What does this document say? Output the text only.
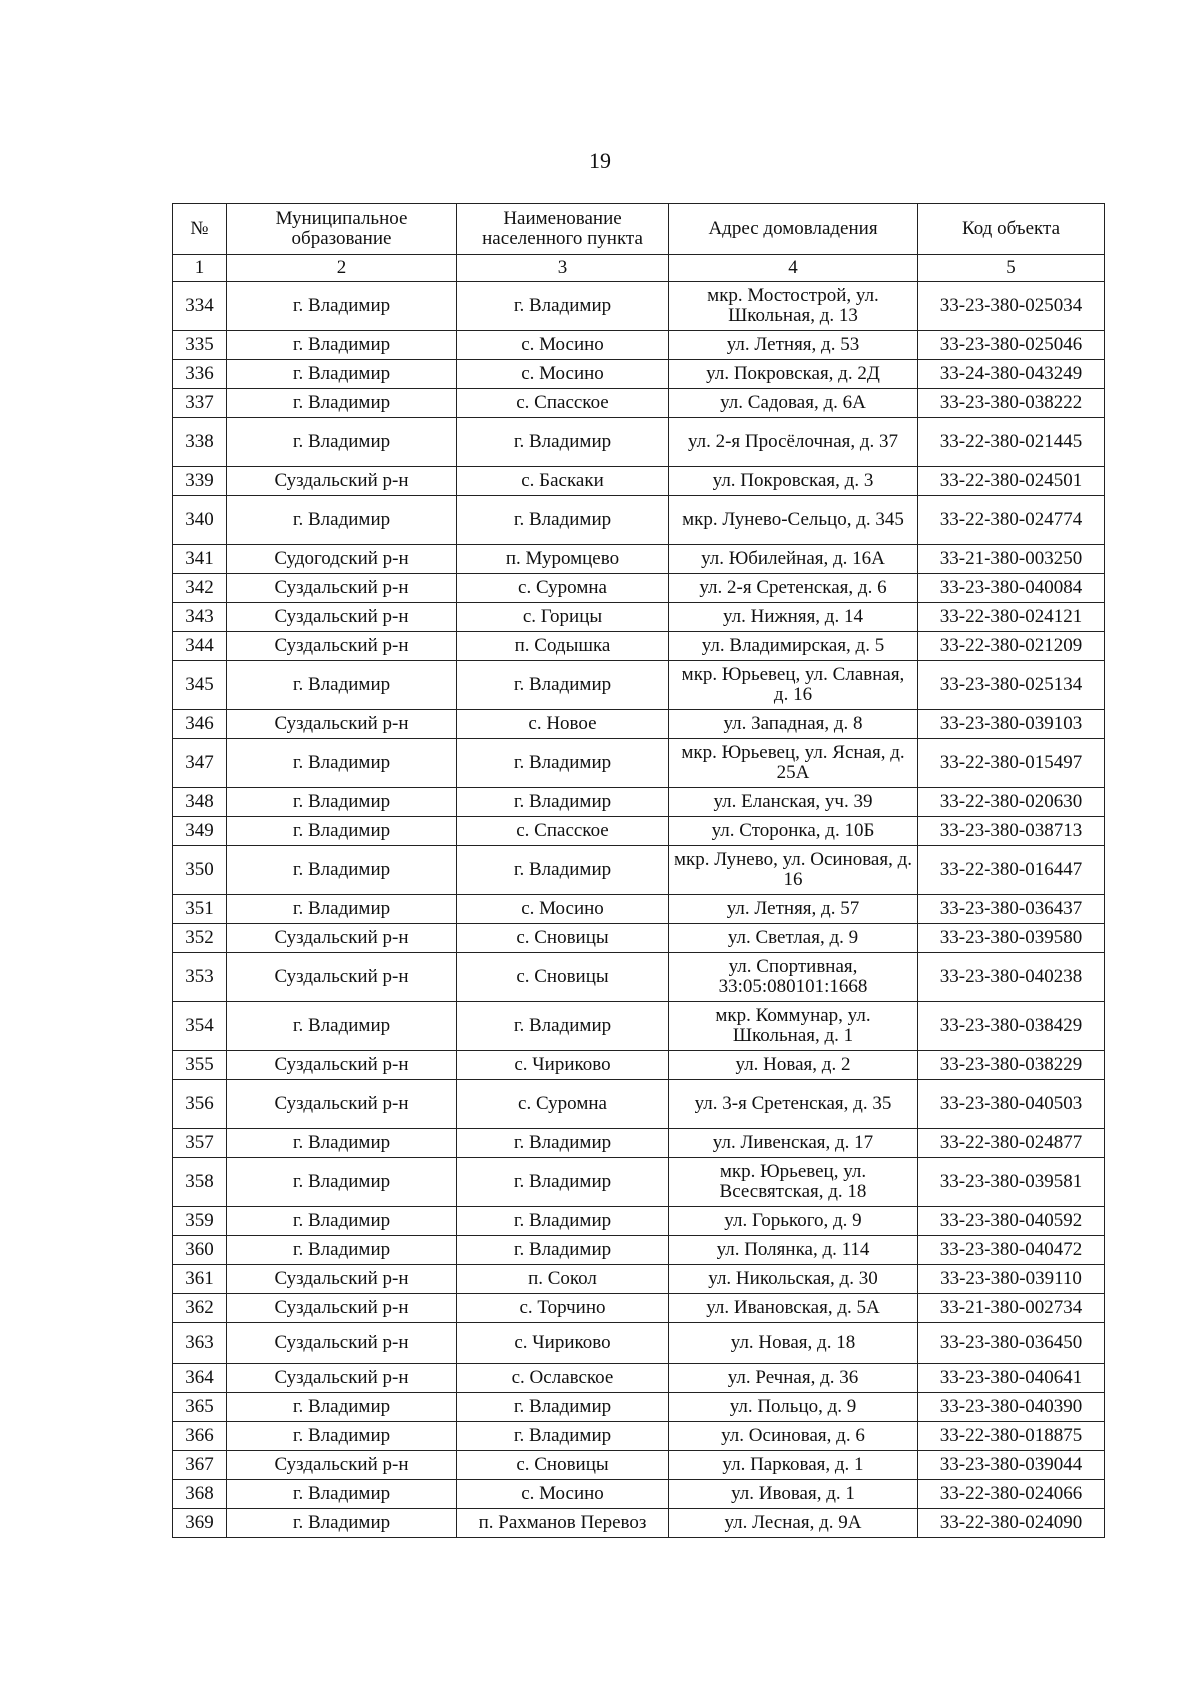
19
№	Муниципальное образование	Наименование населенного пункта	Адрес домовладения	Код объекта
1	2	3	4	5
334	г. Владимир	г. Владимир	мкр. Мостострой, ул. Школьная, д. 13	33-23-380-025034
335	г. Владимир	с. Мосино	ул. Летняя, д. 53	33-23-380-025046
336	г. Владимир	с. Мосино	ул. Покровская, д. 2Д	33-24-380-043249
337	г. Владимир	с. Спасское	ул. Садовая, д. 6А	33-23-380-038222
338	г. Владимир	г. Владимир	ул. 2-я Просёлочная, д. 37	33-22-380-021445
339	Суздальский р-н	с. Баскаки	ул. Покровская, д. 3	33-22-380-024501
340	г. Владимир	г. Владимир	мкр. Лунево-Сельцо, д. 345	33-22-380-024774
341	Судогодский р-н	п. Муромцево	ул. Юбилейная, д. 16А	33-21-380-003250
342	Суздальский р-н	с. Суромна	ул. 2-я Сретенская, д. 6	33-23-380-040084
343	Суздальский р-н	с. Горицы	ул. Нижняя, д. 14	33-22-380-024121
344	Суздальский р-н	п. Содышка	ул. Владимирская, д. 5	33-22-380-021209
345	г. Владимир	г. Владимир	мкр. Юрьевец, ул. Славная, д. 16	33-23-380-025134
346	Суздальский р-н	с. Новое	ул. Западная, д. 8	33-23-380-039103
347	г. Владимир	г. Владимир	мкр. Юрьевец, ул. Ясная, д. 25А	33-22-380-015497
348	г. Владимир	г. Владимир	ул. Еланская, уч. 39	33-22-380-020630
349	г. Владимир	с. Спасское	ул. Сторонка, д. 10Б	33-23-380-038713
350	г. Владимир	г. Владимир	мкр. Лунево, ул. Осиновая, д. 16	33-22-380-016447
351	г. Владимир	с. Мосино	ул. Летняя, д. 57	33-23-380-036437
352	Суздальский р-н	с. Сновицы	ул. Светлая, д. 9	33-23-380-039580
353	Суздальский р-н	с. Сновицы	ул. Спортивная, 33:05:080101:1668	33-23-380-040238
354	г. Владимир	г. Владимир	мкр. Коммунар, ул. Школьная, д. 1	33-23-380-038429
355	Суздальский р-н	с. Чириково	ул. Новая, д. 2	33-23-380-038229
356	Суздальский р-н	с. Суромна	ул. 3-я Сретенская, д. 35	33-23-380-040503
357	г. Владимир	г. Владимир	ул. Ливенская, д. 17	33-22-380-024877
358	г. Владимир	г. Владимир	мкр. Юрьевец, ул. Всесвятская, д. 18	33-23-380-039581
359	г. Владимир	г. Владимир	ул. Горького, д. 9	33-23-380-040592
360	г. Владимир	г. Владимир	ул. Полянка, д. 114	33-23-380-040472
361	Суздальский р-н	п. Сокол	ул. Никольская, д. 30	33-23-380-039110
362	Суздальский р-н	с. Торчино	ул. Ивановская, д. 5А	33-21-380-002734
363	Суздальский р-н	с. Чириково	ул. Новая, д. 18	33-23-380-036450
364	Суздальский р-н	с. Ославское	ул. Речная, д. 36	33-23-380-040641
365	г. Владимир	г. Владимир	ул. Польцо, д. 9	33-23-380-040390
366	г. Владимир	г. Владимир	ул. Осиновая, д. 6	33-22-380-018875
367	Суздальский р-н	с. Сновицы	ул. Парковая, д. 1	33-23-380-039044
368	г. Владимир	с. Мосино	ул. Ивовая, д. 1	33-22-380-024066
369	г. Владимир	п. Рахманов Перевоз	ул. Лесная, д. 9А	33-22-380-024090
